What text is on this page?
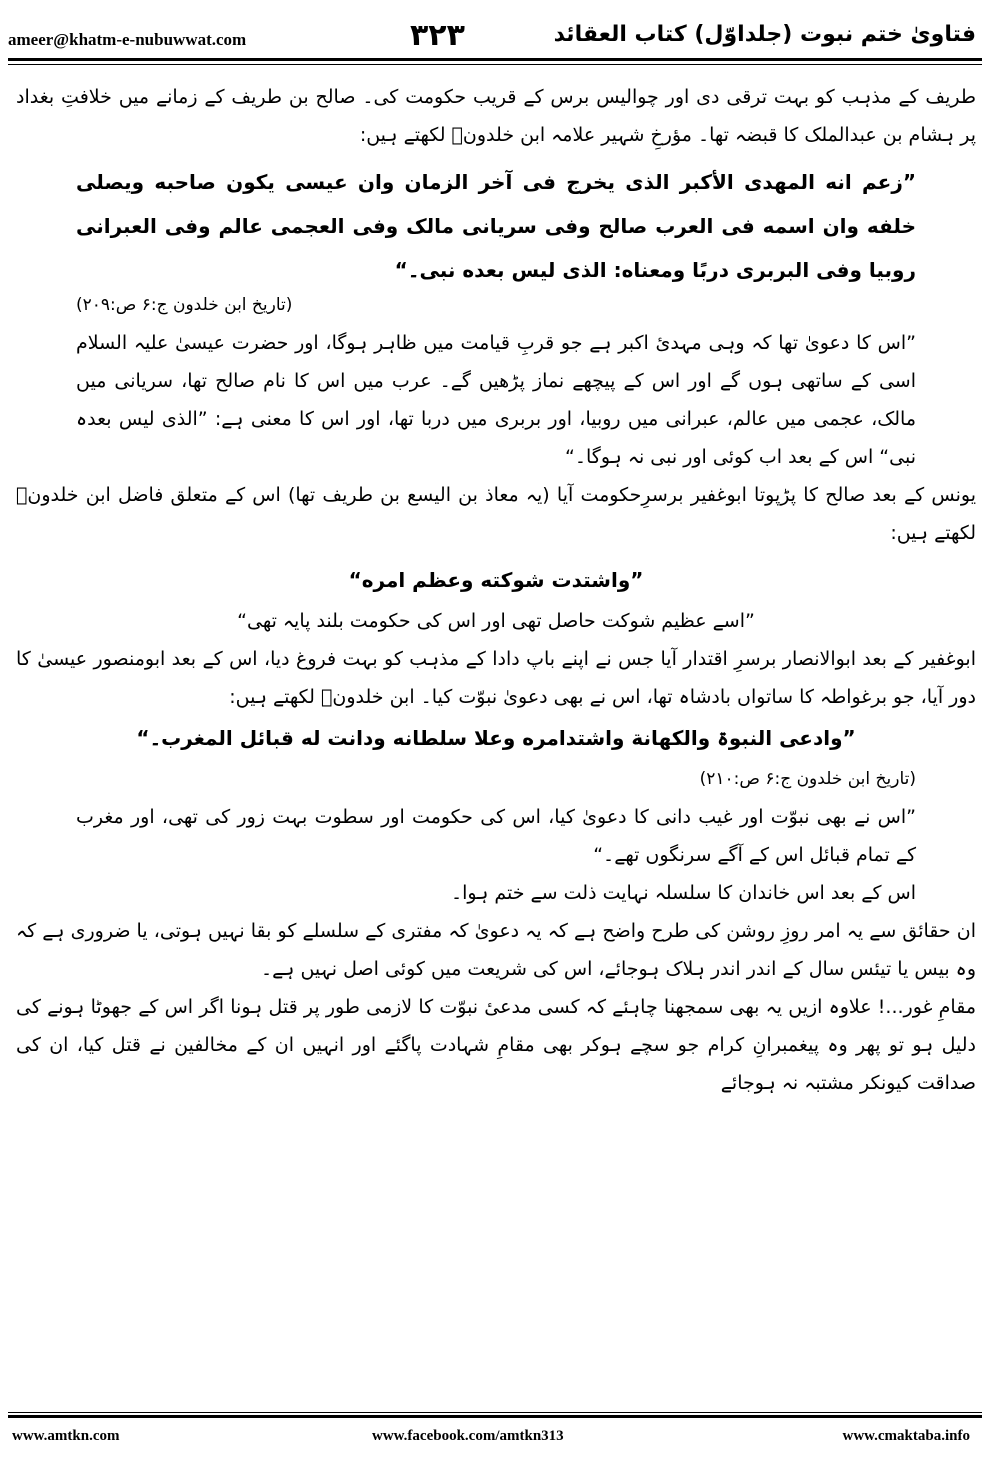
ameer@khatm-e-nubuwwat.com	۳۲۳	فتاویٰ ختم نبوت (جلداوّل) کتاب العقائد

طریف کے مذہب کو بہت ترقی دی اور چوالیس برس کے قریب حکومت کی۔ صالح بن طریف کے زمانے میں خلافتِ بغداد پر ہشام بن عبدالملک کا قبضہ تھا۔ مؤرخِ شہیر علامہ ابن خلدونؒ لکھتے ہیں:

”زعم انه المهدی الأکبر الذی یخرج فی آخر الزمان وان عیسی یکون صاحبه ویصلی خلفه وان اسمه فی العرب صالح وفی سریانی مالک وفی العجمی عالم وفی العبرانی روبیا وفی البربری دربًا ومعناه: الذی لیس بعده نبی۔“

(تاریخ ابن خلدون ج:۶ ص:۲۰۹)

”اس کا دعویٰ تھا کہ وہی مہدیٔ اکبر ہے جو قربِ قیامت میں ظاہر ہوگا، اور حضرت عیسیٰ علیہ السلام اسی کے ساتھی ہوں گے اور اس کے پیچھے نماز پڑھیں گے۔ عرب میں اس کا نام صالح تھا، سریانی میں مالک، عجمی میں عالم، عبرانی میں روبیا، اور بربری میں دربا تھا، اور اس کا معنی ہے: ”الذی لیس بعدہ نبی“ اس کے بعد اب کوئی اور نبی نہ ہوگا۔“

یونس کے بعد صالح کا پڑپوتا ابوغفیر برسرِحکومت آیا (یہ معاذ بن الیسع بن طریف تھا) اس کے متعلق فاضل ابن خلدونؒ لکھتے ہیں:

”واشتدت شوکته وعظم امره“

”اسے عظیم شوکت حاصل تھی اور اس کی حکومت بلند پایہ تھی“

ابوغفیر کے بعد ابوالانصار برسرِ اقتدار آیا جس نے اپنے باپ دادا کے مذہب کو بہت فروغ دیا، اس کے بعد ابومنصور عیسیٰ کا دور آیا، جو برغواطہ کا ساتواں بادشاہ تھا، اس نے بھی دعویٰ نبوّت کیا۔ ابن خلدونؒ لکھتے ہیں:

”وادعی النبوۃ والکهانة واشتدامره وعلا سلطانه ودانت له قبائل المغرب۔“

(تاریخ ابن خلدون ج:۶ ص:۲۱۰)

”اس نے بھی نبوّت اور غیب دانی کا دعویٰ کیا، اس کی حکومت اور سطوت بہت زور کی تھی، اور مغرب کے تمام قبائل اس کے آگے سرنگوں تھے۔“

اس کے بعد اس خاندان کا سلسلہ نہایت ذلت سے ختم ہوا۔

ان حقائق سے یہ امر روزِ روشن کی طرح واضح ہے کہ یہ دعویٰ کہ مفتری کے سلسلے کو بقا نہیں ہوتی، یا ضروری ہے کہ وہ بیس یا تیئس سال کے اندر اندر ہلاک ہوجائے، اس کی شریعت میں کوئی اصل نہیں ہے۔

مقامِ غور...! علاوہ ازیں یہ بھی سمجھنا چاہئے کہ کسی مدعیٔ نبوّت کا لازمی طور پر قتل ہونا اگر اس کے جھوٹا ہونے کی دلیل ہو تو پھر وہ پیغمبرانِ کرام جو سچے ہوکر بھی مقامِ شہادت پاگئے اور انہیں ان کے مخالفین نے قتل کیا، ان کی صداقت کیونکر مشتبہ نہ ہوجائے

www.amtkn.com	www.facebook.com/amtkn313	www.cmaktaba.info
